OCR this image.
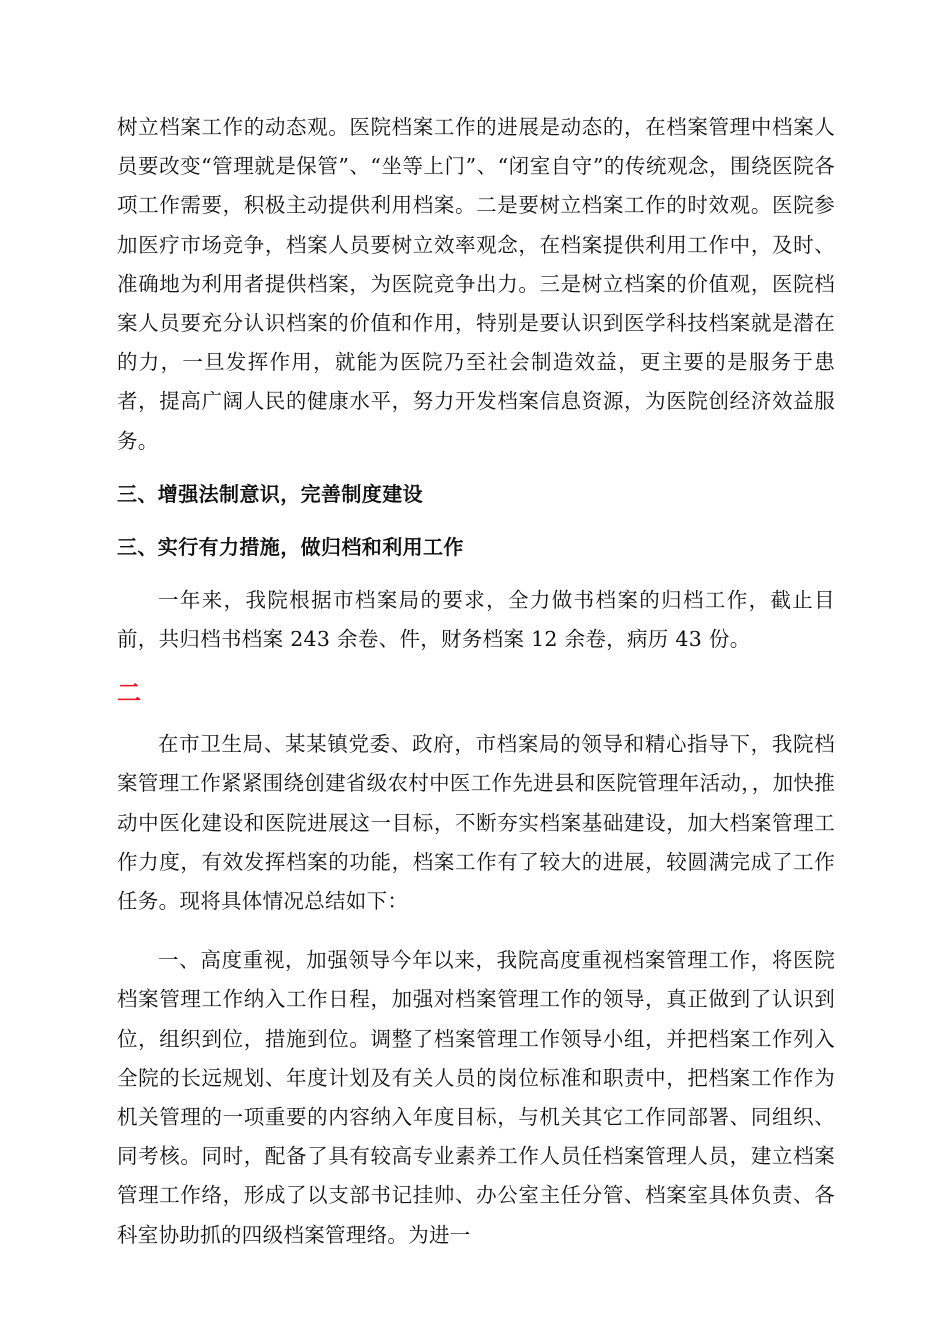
树立档案工作的动态观。医院档案工作的进展是动态的，在档案管理中档案人员要改变“管理就是保管”、“坐等上门”、“闭室自守”的传统观念，围绕医院各项工作需要，积极主动提供利用档案。二是要树立档案工作的时效观。医院参加医疗市场竞争，档案人员要树立效率观念，在档案提供利用工作中，及时、准确地为利用者提供档案，为医院竞争出力。三是树立档案的价值观，医院档案人员要充分认识档案的价值和作用，特别是要认识到医学科技档案就是潜在的力，一旦发挥作用，就能为医院乃至社会制造效益，更主要的是服务于患者，提高广阔人民的健康水平，努力开发档案信息资源，为医院创经济效益服务。

三、增强法制意识，完善制度建设
三、实行有力措施，做归档和利用工作

一年来，我院根据市档案局的要求，全力做书档案的归档工作，截止目前，共归档书档案 243 余卷、件，财务档案 12 余卷，病历 43 份。

二

在市卫生局、某某镇党委、政府，市档案局的领导和精心指导下，我院档案管理工作紧紧围绕创建省级农村中医工作先进县和医院管理年活动，，加快推动中医化建设和医院进展这一目标，不断夯实档案基础建设，加大档案管理工作力度，有效发挥档案的功能，档案工作有了较大的进展，较圆满完成了工作任务。现将具体情况总结如下：

一、高度重视，加强领导今年以来，我院高度重视档案管理工作，将医院档案管理工作纳入工作日程，加强对档案管理工作的领导，真正做到了认识到位，组织到位，措施到位。调整了档案管理工作领导小组，并把档案工作列入全院的长远规划、年度计划及有关人员的岗位标准和职责中，把档案工作作为机关管理的一项重要的内容纳入年度目标，与机关其它工作同部署、同组织、同考核。同时，配备了具有较高专业素养工作人员任档案管理人员，建立档案管理工作络，形成了以支部书记挂帅、办公室主任分管、档案室具体负责、各科室协助抓的四级档案管理络。为进一
